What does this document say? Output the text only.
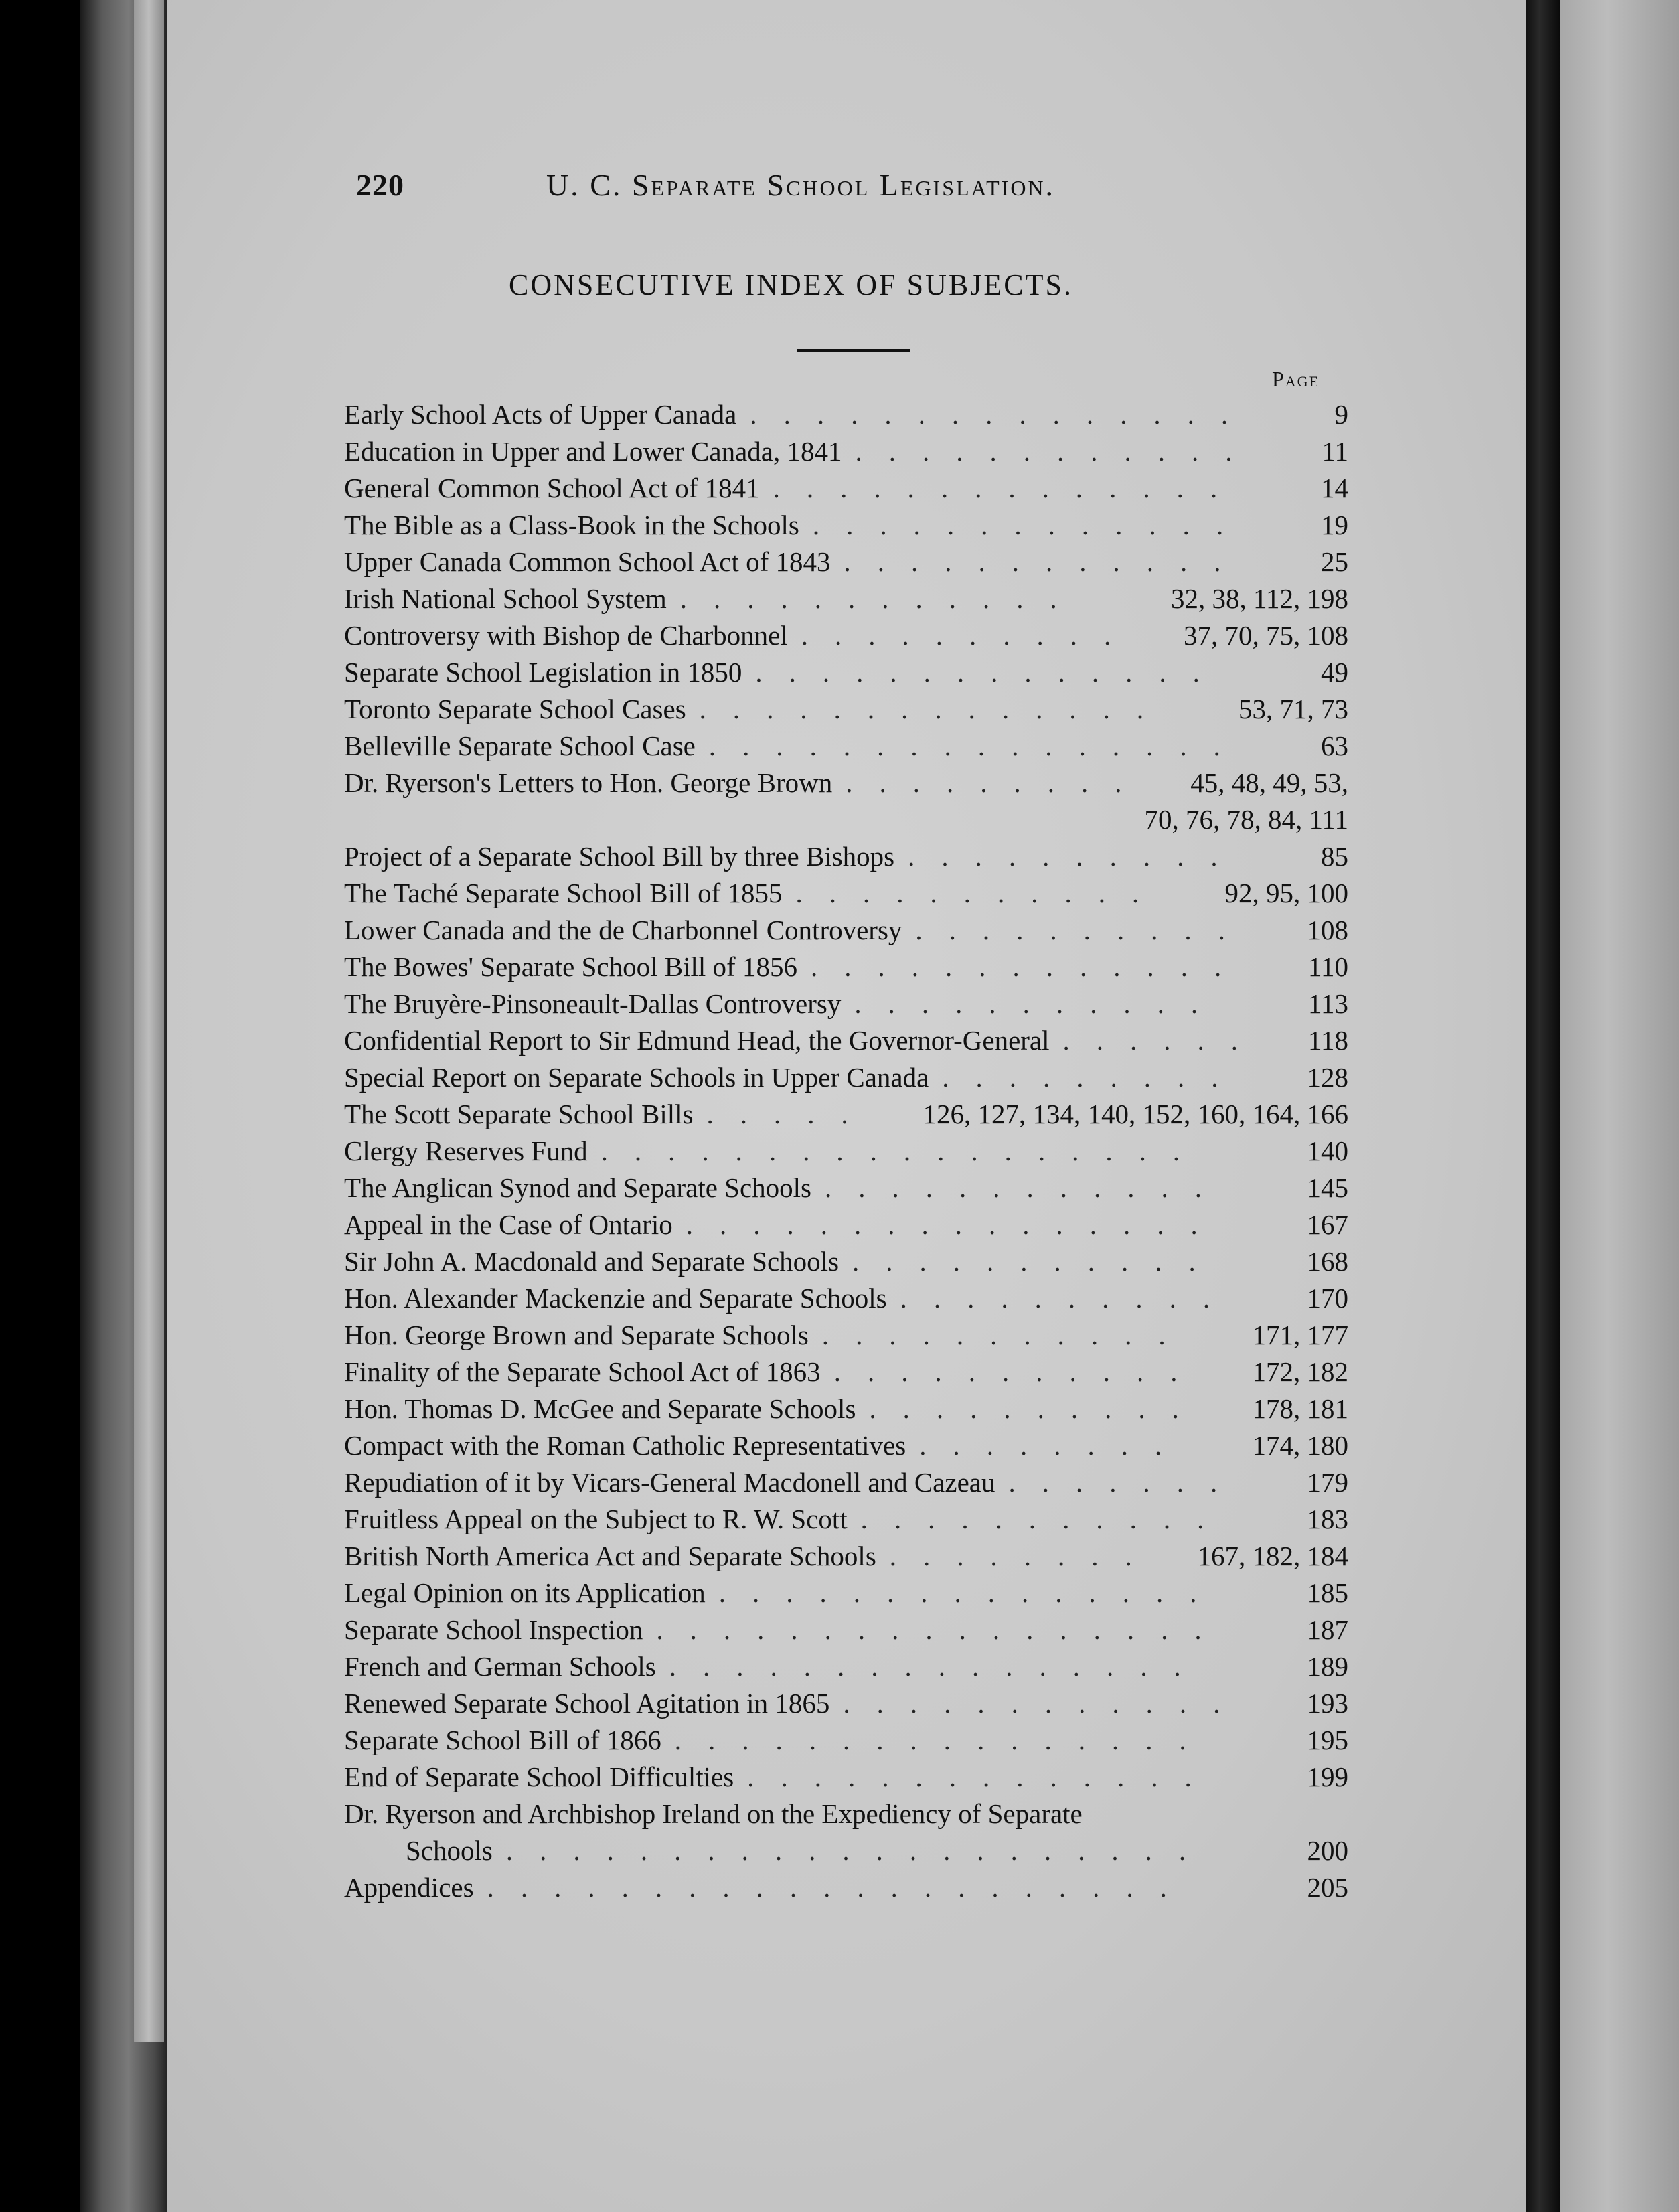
220	U. C. Separate School Legislation.
CONSECUTIVE INDEX OF SUBJECTS.
Page
Early School Acts of Upper Canada	9
...............
Education in Upper and Lower Canada, 1841	11
............
General Common School Act of 1841	14
..............
The Bible as a Class-Book in the Schools	19
.............
Upper Canada Common School Act of 1843	25
............
Irish National School System	32, 38, 112, 198
............
Controversy with Bishop de Charbonnel	37, 70, 75, 108
..........
Separate School Legislation in 1850	49
..............
Toronto Separate School Cases	53, 71, 73
..............
Belleville Separate School Case	63
................
Dr. Ryerson's Letters to Hon. George Brown	45, 48, 49, 53,
.........
70, 76, 78, 84, 111
Project of a Separate School Bill by three Bishops	85
..........
The Taché Separate School Bill of 1855	92, 95, 100
...........
Lower Canada and the de Charbonnel Controversy	108
..........
The Bowes' Separate School Bill of 1856	110
.............
The Bruyère-Pinsoneault-Dallas Controversy	113
...........
Confidential Report to Sir Edmund Head, the Governor-General	118
......
Special Report on Separate Schools in Upper Canada	128
.........
The Scott Separate School Bills	126, 127, 134, 140, 152, 160, 164, 166
.....
Clergy Reserves Fund	140
..................
The Anglican Synod and Separate Schools	145
............
Appeal in the Case of Ontario	167
................
Sir John A. Macdonald and Separate Schools	168
...........
Hon. Alexander Mackenzie and Separate Schools	170
..........
Hon. George Brown and Separate Schools	171, 177
...........
Finality of the Separate School Act of 1863	172, 182
...........
Hon. Thomas D. McGee and Separate Schools	178, 181
..........
Compact with the Roman Catholic Representatives	174, 180
........
Repudiation of it by Vicars-General Macdonell and Cazeau	179
.......
Fruitless Appeal on the Subject to R. W. Scott	183
...........
British North America Act and Separate Schools	167, 182, 184
........
Legal Opinion on its Application	185
...............
Separate School Inspection	187
.................
French and German Schools	189
................
Renewed Separate School Agitation in 1865	193
............
Separate School Bill of 1866	195
................
End of Separate School Difficulties	199
..............
Dr. Ryerson and Archbishop Ireland on the Expediency of Separate
Schools	200
.....................
Appendices	205
.....................
